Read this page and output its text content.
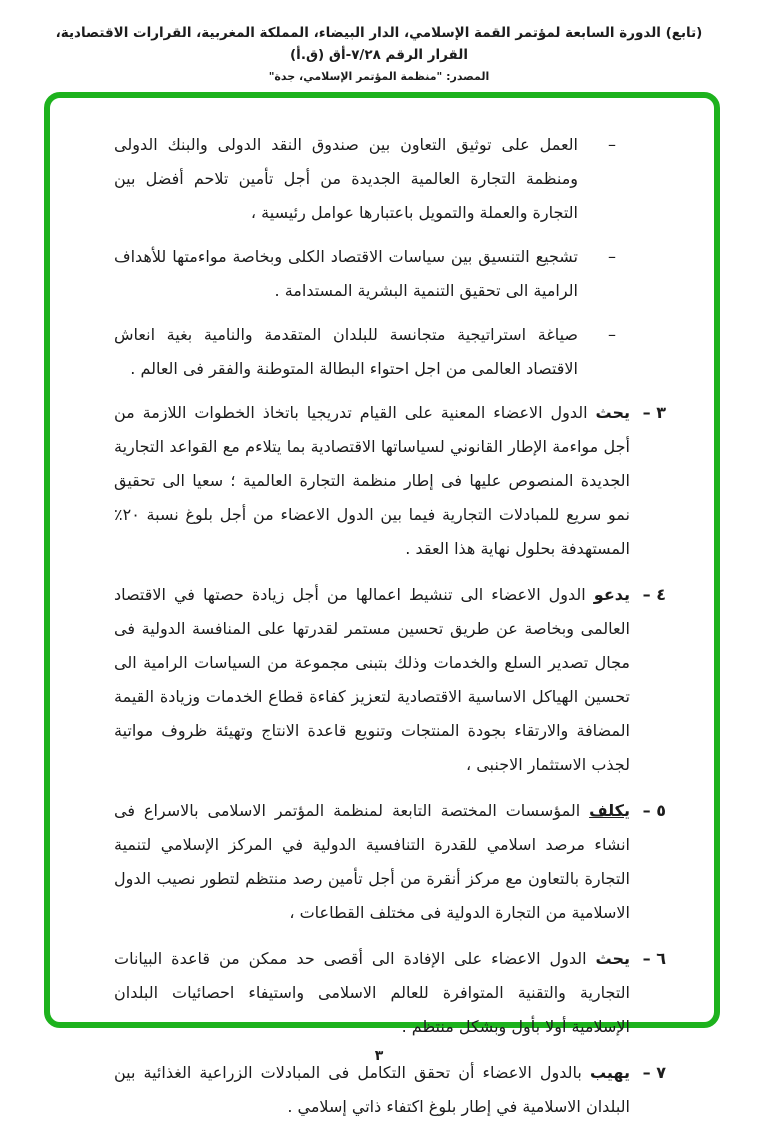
(تابع) الدورة السابعة لمؤتمر القمة الإسلامي، الدار البيضاء، المملكة المغربية، القرارات الاقتصادية، القرار الرقم ٧/٢٨-أق (ق.أ)
المصدر: "منظمة المؤتمر الإسلامي، جدة"
–
العمل على توثيق التعاون بين صندوق النقد الدولى والبنك الدولى ومنظمة التجارة العالمية الجديدة من أجل تأمين تلاحم أفضل بين التجارة والعملة والتمويل باعتبارها عوامل رئيسية ،
–
تشجيع التنسيق بين سياسات الاقتصاد الكلى وبخاصة مواءمتها للأهداف الرامية الى تحقيق التنمية البشرية المستدامة .
–
صياغة استراتيجية متجانسة للبلدان المتقدمة والنامية بغية انعاش الاقتصاد العالمى من اجل احتواء البطالة المتوطنة والفقر فى العالم .
٣ –
يحث الدول الاعضاء المعنية على القيام تدريجيا باتخاذ الخطوات اللازمة من أجل مواءمة الإطار القانوني لسياساتها الاقتصادية بما يتلاءم مع القواعد التجارية الجديدة المنصوص عليها فى إطار منظمة التجارة العالمية ؛ سعيا الى تحقيق نمو سريع للمبادلات التجارية فيما بين الدول الاعضاء من أجل بلوغ نسبة ٢٠٪ المستهدفة بحلول نهاية هذا العقد .
٤ –
يدعو الدول الاعضاء الى تنشيط اعمالها من أجل زيادة حصتها في الاقتصاد العالمى وبخاصة عن طريق تحسين مستمر لقدرتها على المنافسة الدولية فى مجال تصدير السلع والخدمات وذلك بتبنى مجموعة من السياسات الرامية الى تحسين الهياكل الاساسية الاقتصادية لتعزيز كفاءة قطاع الخدمات وزيادة القيمة المضافة والارتقاء بجودة المنتجات وتنويع قاعدة الانتاج وتهيئة ظروف مواتية لجذب الاستثمار الاجنبى ،
٥ –
يكلف المؤسسات المختصة التابعة لمنظمة المؤتمر الاسلامى بالاسراع فى انشاء مرصد اسلامي للقدرة التنافسية الدولية في المركز الإسلامي لتنمية التجارة بالتعاون مع مركز أنقرة من أجل تأمين رصد منتظم لتطور نصيب الدول الاسلامية من التجارة الدولية فى مختلف القطاعات ،
٦ –
يحث الدول الاعضاء على الإفادة الى أقصى حد ممكن من قاعدة البيانات التجارية والتقنية المتوافرة للعالم الاسلامى واستيفاء احصائيات البلدان الإسلامية أولا بأول وبشكل منتظم .
٧ –
يهيب بالدول الاعضاء أن تحقق التكامل فى المبادلات الزراعية الغذائية بين البلدان الاسلامية في إطار بلوغ اكتفاء ذاتي إسلامي .
٣
